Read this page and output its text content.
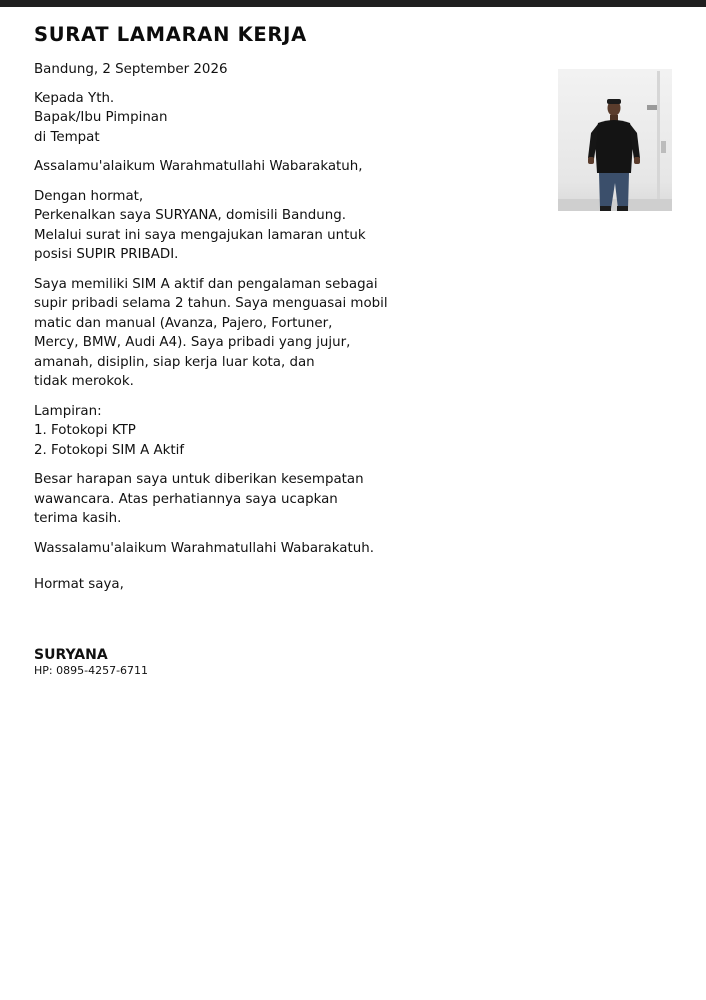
SURAT LAMARAN KERJA
Bandung, 2 September 2026
Kepada Yth.
Bapak/Ibu Pimpinan
di Tempat
Assalamu'alaikum Warahmatullahi Wabarakatuh,
Dengan hormat,
Perkenalkan saya SURYANA, domisili Bandung.
Melalui surat ini saya mengajukan lamaran untuk
posisi SUPIR PRIBADI.
Saya memiliki SIM A aktif dan pengalaman sebagai
supir pribadi selama 2 tahun. Saya menguasai mobil
matic dan manual (Avanza, Pajero, Fortuner,
Mercy, BMW, Audi A4). Saya pribadi yang jujur,
amanah, disiplin, siap kerja luar kota, dan
tidak merokok.
Lampiran:
1. Fotokopi KTP
2. Fotokopi SIM A Aktif
Besar harapan saya untuk diberikan kesempatan
wawancara. Atas perhatiannya saya ucapkan
terima kasih.
Wassalamu'alaikum Warahmatullahi Wabarakatuh.
Hormat saya,
SURYANA
HP: 0895-4257-6711
